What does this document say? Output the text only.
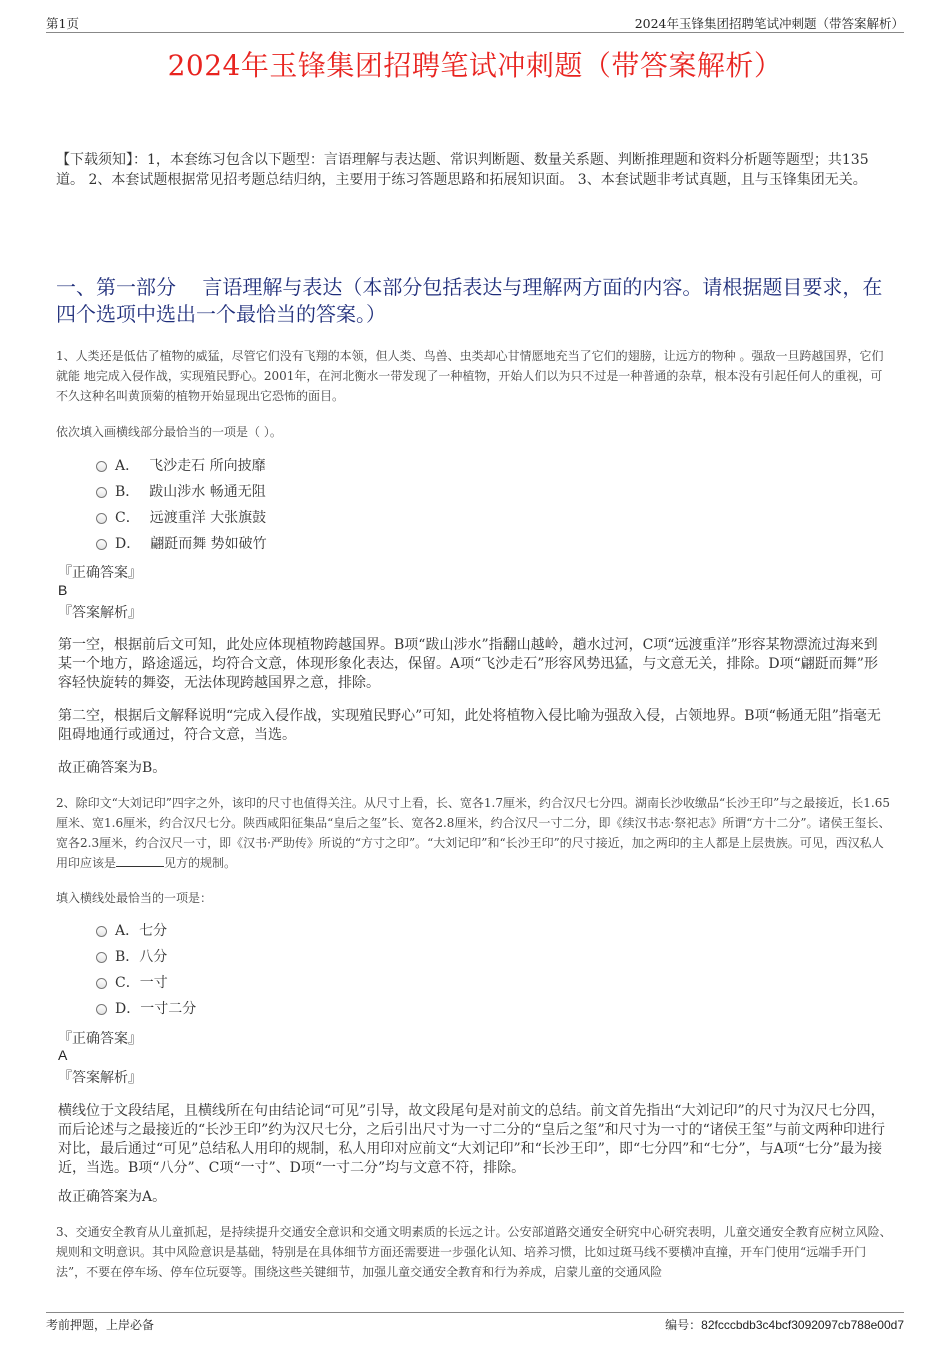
第1页	2024年玉锋集团招聘笔试冲刺题（带答案解析）
2024年玉锋集团招聘笔试冲刺题（带答案解析）
【下载须知】：1，本套练习包含以下题型：言语理解与表达题、常识判断题、数量关系题、判断推理题和资料分析题等题型；共135道。 2、本套试题根据常见招考题总结归纳，主要用于练习答题思路和拓展知识面。 3、本套试题非考试真题，且与玉锋集团无关。
一、第一部分　 言语理解与表达（本部分包括表达与理解两方面的内容。请根据题目要求，在四个选项中选出一个最恰当的答案。）
1、人类还是低估了植物的威猛，尽管它们没有飞翔的本领，但人类、鸟兽、虫类却心甘情愿地充当了它们的翅膀，让远方的物种 。强敌一旦跨越国界，它们就能 地完成入侵作战，实现殖民野心。2001年，在河北衡水一带发现了一种植物，开始人们以为只不过是一种普通的杂草，根本没有引起任何人的重视，可不久这种名叫黄顶菊的植物开始显现出它恐怖的面目。
依次填入画横线部分最恰当的一项是（ ）。
A． 飞沙走石 所向披靡
B． 跋山涉水 畅通无阻
C． 远渡重洋 大张旗鼓
D． 翩跹而舞 势如破竹
『正确答案』
B
『答案解析』
第一空，根据前后文可知，此处应体现植物跨越国界。B项“跋山涉水”指翻山越岭，趟水过河，C项“远渡重洋”形容某物漂流过海来到某一个地方，路途遥远，均符合文意，体现形象化表达，保留。A项“飞沙走石”形容风势迅猛，与文意无关，排除。D项“翩跹而舞”形容轻快旋转的舞姿，无法体现跨越国界之意，排除。
第二空，根据后文解释说明“完成入侵作战，实现殖民野心”可知，此处将植物入侵比喻为强敌入侵，占领地界。B项“畅通无阻”指毫无阻碍地通行或通过，符合文意，当选。
故正确答案为B。
2、除印文“大刘记印”四字之外，该印的尺寸也值得关注。从尺寸上看，长、宽各1.7厘米，约合汉尺七分四。湖南长沙收缴品“长沙王印”与之最接近，长1.65厘米、宽1.6厘米，约合汉尺七分。陕西咸阳征集品“皇后之玺”长、宽各2.8厘米，约合汉尺一寸二分，即《续汉书志·祭祀志》所谓“方十二分”。诸侯王玺长、宽各2.3厘米，约合汉尺一寸，即《汉书·严助传》所说的“方寸之印”。“大刘记印”和“长沙王印”的尺寸接近，加之两印的主人都是上层贵族。可见，西汉私人用印应该是	见方的规制。
填入横线处最恰当的一项是：
A．七分
B．八分
C．一寸
D．一寸二分
『正确答案』
A
『答案解析』
横线位于文段结尾，且横线所在句由结论词“可见”引导，故文段尾句是对前文的总结。前文首先指出“大刘记印”的尺寸为汉尺七分四，而后论述与之最接近的“长沙王印”约为汉尺七分，之后引出尺寸为一寸二分的“皇后之玺”和尺寸为一寸的“诸侯王玺”与前文两种印进行对比，最后通过“可见”总结私人用印的规制，私人用印对应前文“大刘记印”和“长沙王印”，即“七分四”和“七分”，与A项“七分”最为接近，当选。B项“八分”、C项“一寸”、D项“一寸二分”均与文意不符，排除。
故正确答案为A。
3、交通安全教育从儿童抓起，是持续提升交通安全意识和交通文明素质的长远之计。公安部道路交通安全研究中心研究表明，儿童交通安全教育应树立风险、规则和文明意识。其中风险意识是基础，特别是在具体细节方面还需要进一步强化认知、培养习惯，比如过斑马线不要横冲直撞，开车门使用“远端手开门法”，不要在停车场、停车位玩耍等。围绕这些关键细节，加强儿童交通安全教育和行为养成，启蒙儿童的交通风险
考前押题，上岸必备	编号：82fcccbdb3c4bcf3092097cb788e00d7
